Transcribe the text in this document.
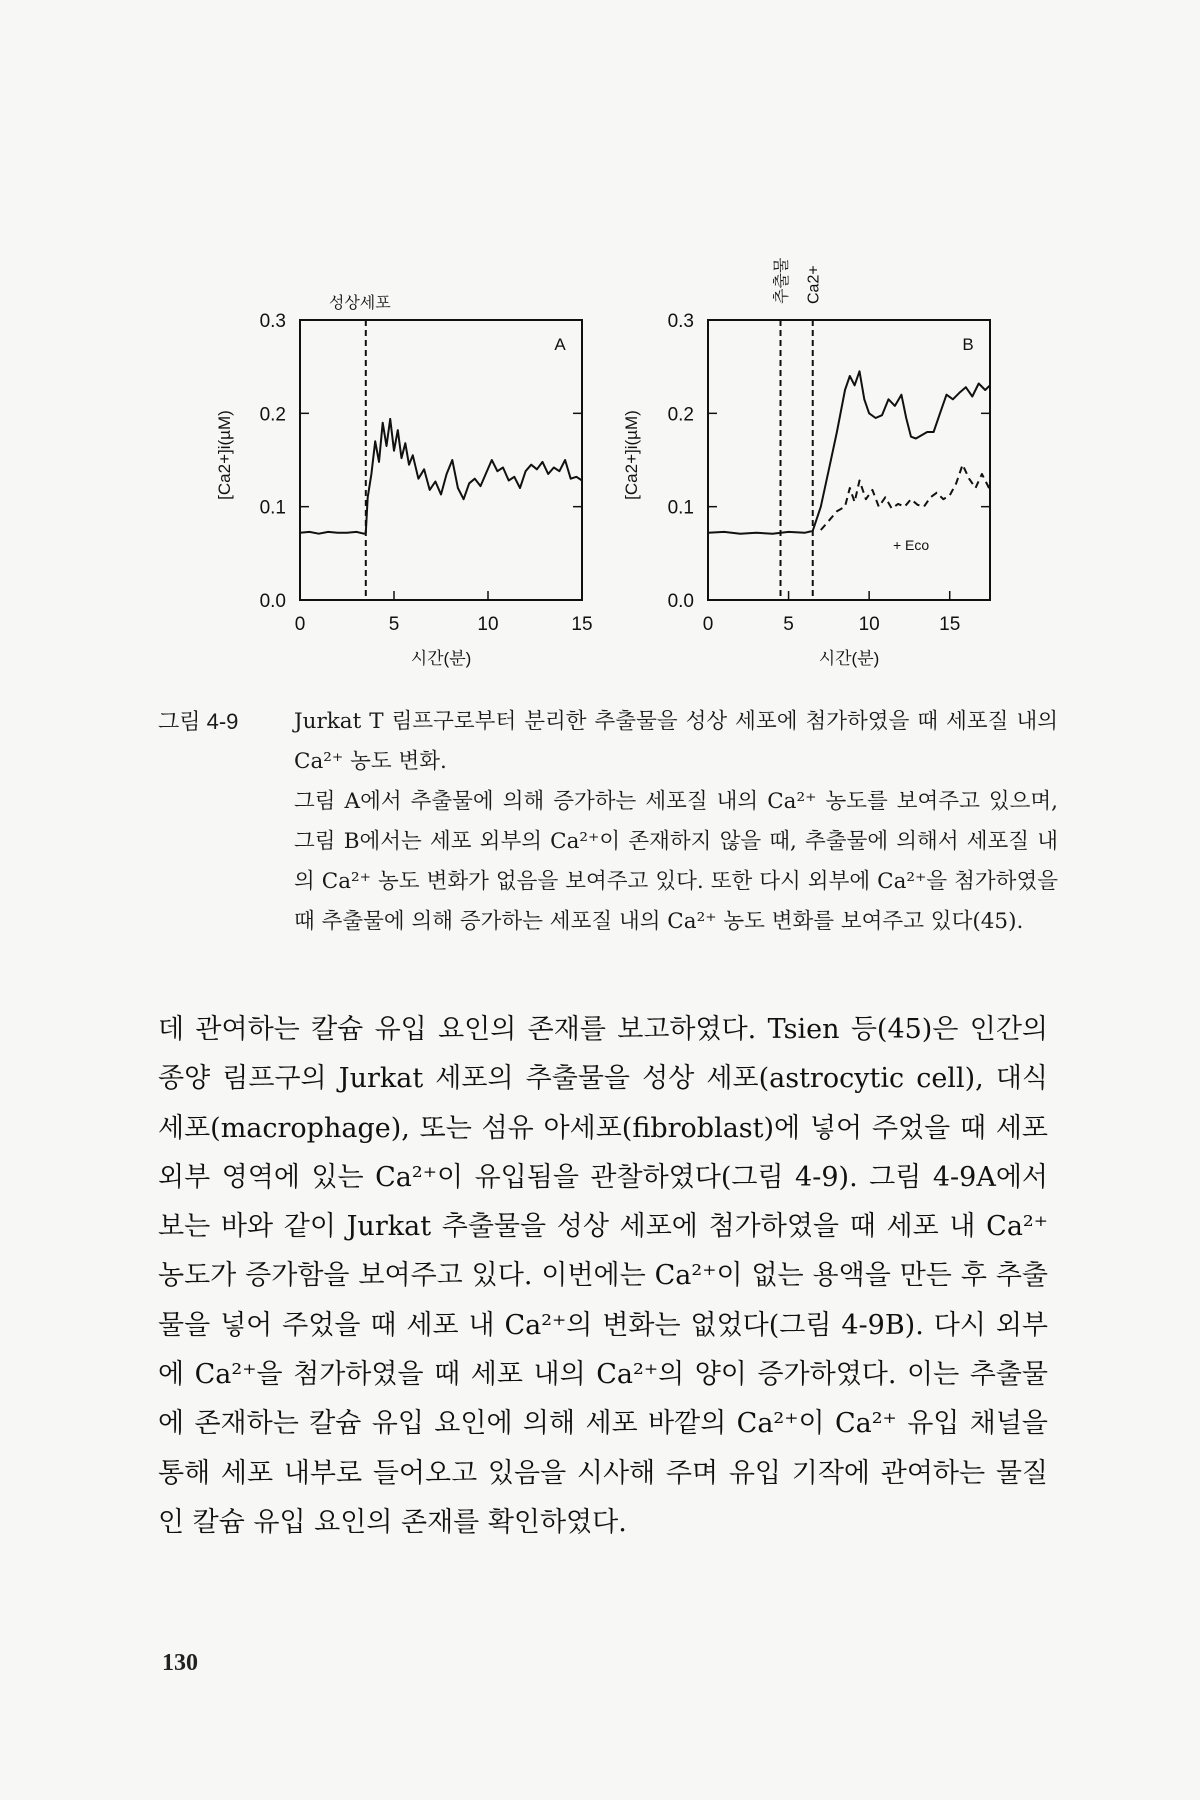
0.0
0.1
0.2
0.3
0	5	10	15
시간(분)
[Ca2+]i(µM)
A
성상세포
0.0
0.1
0.2
0.3
0	5	10	15
시간(분)
[Ca2+]i(µM)
B
추출물 Ca2+
+ Eco
그림 4-9	Jurkat T 림프구로부터 분리한 추출물을 성상 세포에 첨가하였을 때 세포질 내의 Ca²⁺ 농도 변화.

그림 A에서 추출물에 의해 증가하는 세포질 내의 Ca²⁺ 농도를 보여주고 있으며, 그림 B에서는 세포 외부의 Ca²⁺이 존재하지 않을 때, 추출물에 의해서 세포질 내의 Ca²⁺ 농도 변화가 없음을 보여주고 있다. 또한 다시 외부에 Ca²⁺을 첨가하였을 때 추출물에 의해 증가하는 세포질 내의 Ca²⁺ 농도 변화를 보여주고 있다(45).

데 관여하는 칼슘 유입 요인의 존재를 보고하였다. Tsien 등(45)은 인간의 종양 림프구의 Jurkat 세포의 추출물을 성상 세포(astrocytic cell), 대식 세포(macrophage), 또는 섬유 아세포(fibroblast)에 넣어 주었을 때 세포 외부 영역에 있는 Ca²⁺이 유입됨을 관찰하였다(그림 4-9). 그림 4-9A에서 보는 바와 같이 Jurkat 추출물을 성상 세포에 첨가하였을 때 세포 내 Ca²⁺ 농도가 증가함을 보여주고 있다. 이번에는 Ca²⁺이 없는 용액을 만든 후 추출물을 넣어 주었을 때 세포 내 Ca²⁺의 변화는 없었다(그림 4-9B). 다시 외부에 Ca²⁺을 첨가하였을 때 세포 내의 Ca²⁺의 양이 증가하였다. 이는 추출물에 존재하는 칼슘 유입 요인에 의해 세포 바깥의 Ca²⁺이 Ca²⁺ 유입 채널을 통해 세포 내부로 들어오고 있음을 시사해 주며 유입 기작에 관여하는 물질인 칼슘 유입 요인의 존재를 확인하였다.
130
